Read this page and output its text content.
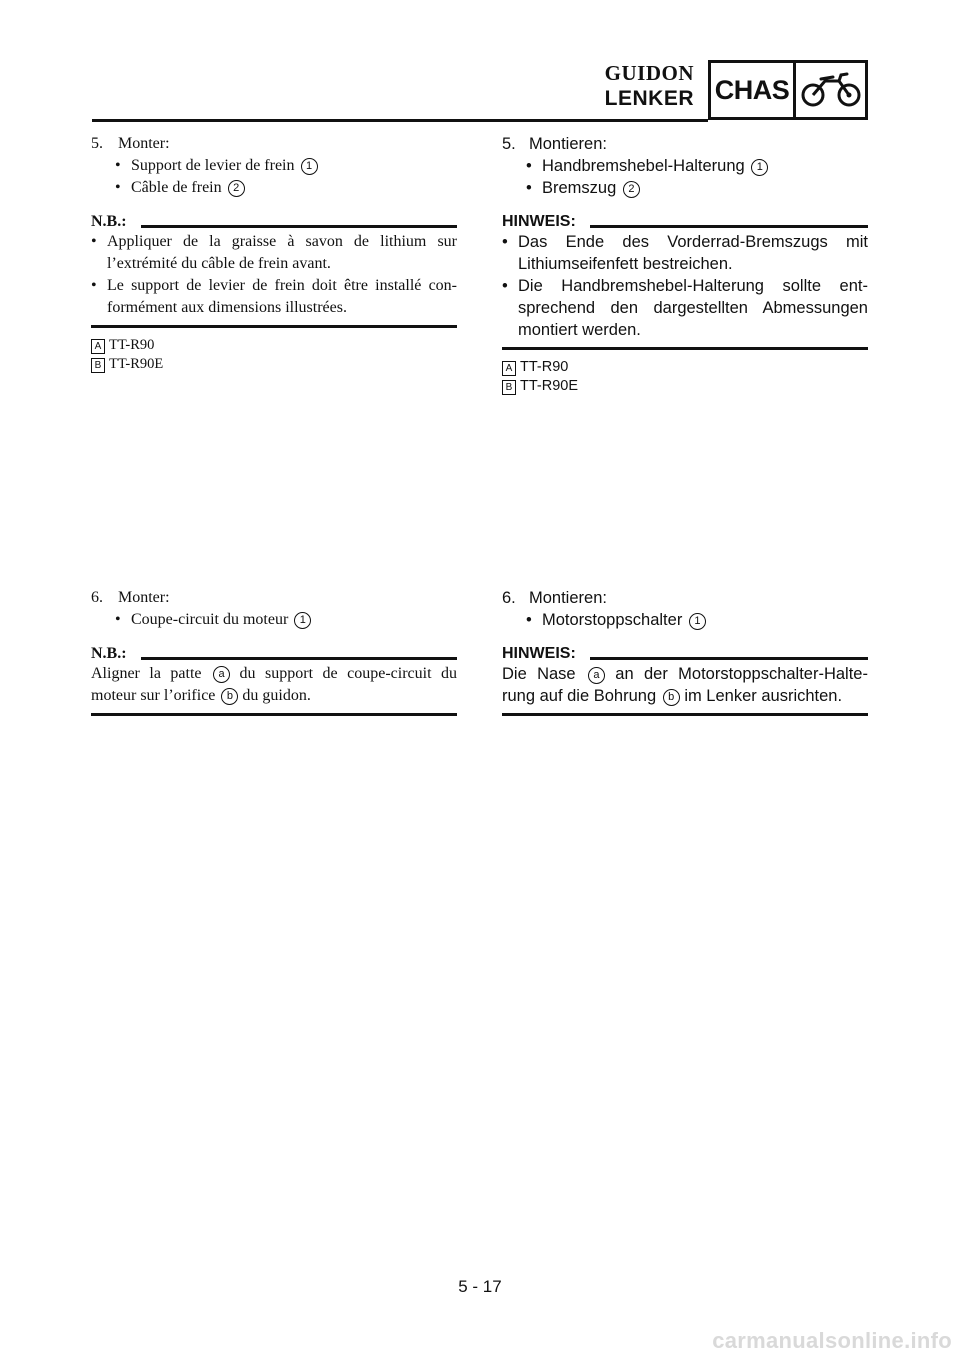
GUIDON
LENKER CHAS
5. Monter:
• Support de levier de frein 1
• Câble de frein 2
N.B.:
• Appliquer de la graisse à savon de lithium sur l’extrémité du câble de frein avant.
• Le support de levier de frein doit être installé con-formément aux dimensions illustrées.
A TT-R90
B TT-R90E
5. Montieren:
• Handbremshebel-Halterung 1
• Bremszug 2
HINWEIS:
• Das Ende des Vorderrad-Bremszugs mit Lithiumseifenfett bestreichen.
• Die Handbremshebel-Halterung sollte ent-sprechend den dargestellten Abmessungen montiert werden.
A TT-R90
B TT-R90E
6. Monter:
• Coupe-circuit du moteur 1
N.B.:
Aligner la patte a du support de coupe-circuit du moteur sur l’orifice b du guidon.
6. Montieren:
• Motorstoppschalter 1
HINWEIS:
Die Nase a an der Motorstoppschalter-Halte-rung auf die Bohrung b im Lenker ausrichten.
5 - 17
carmanualsonline.info
